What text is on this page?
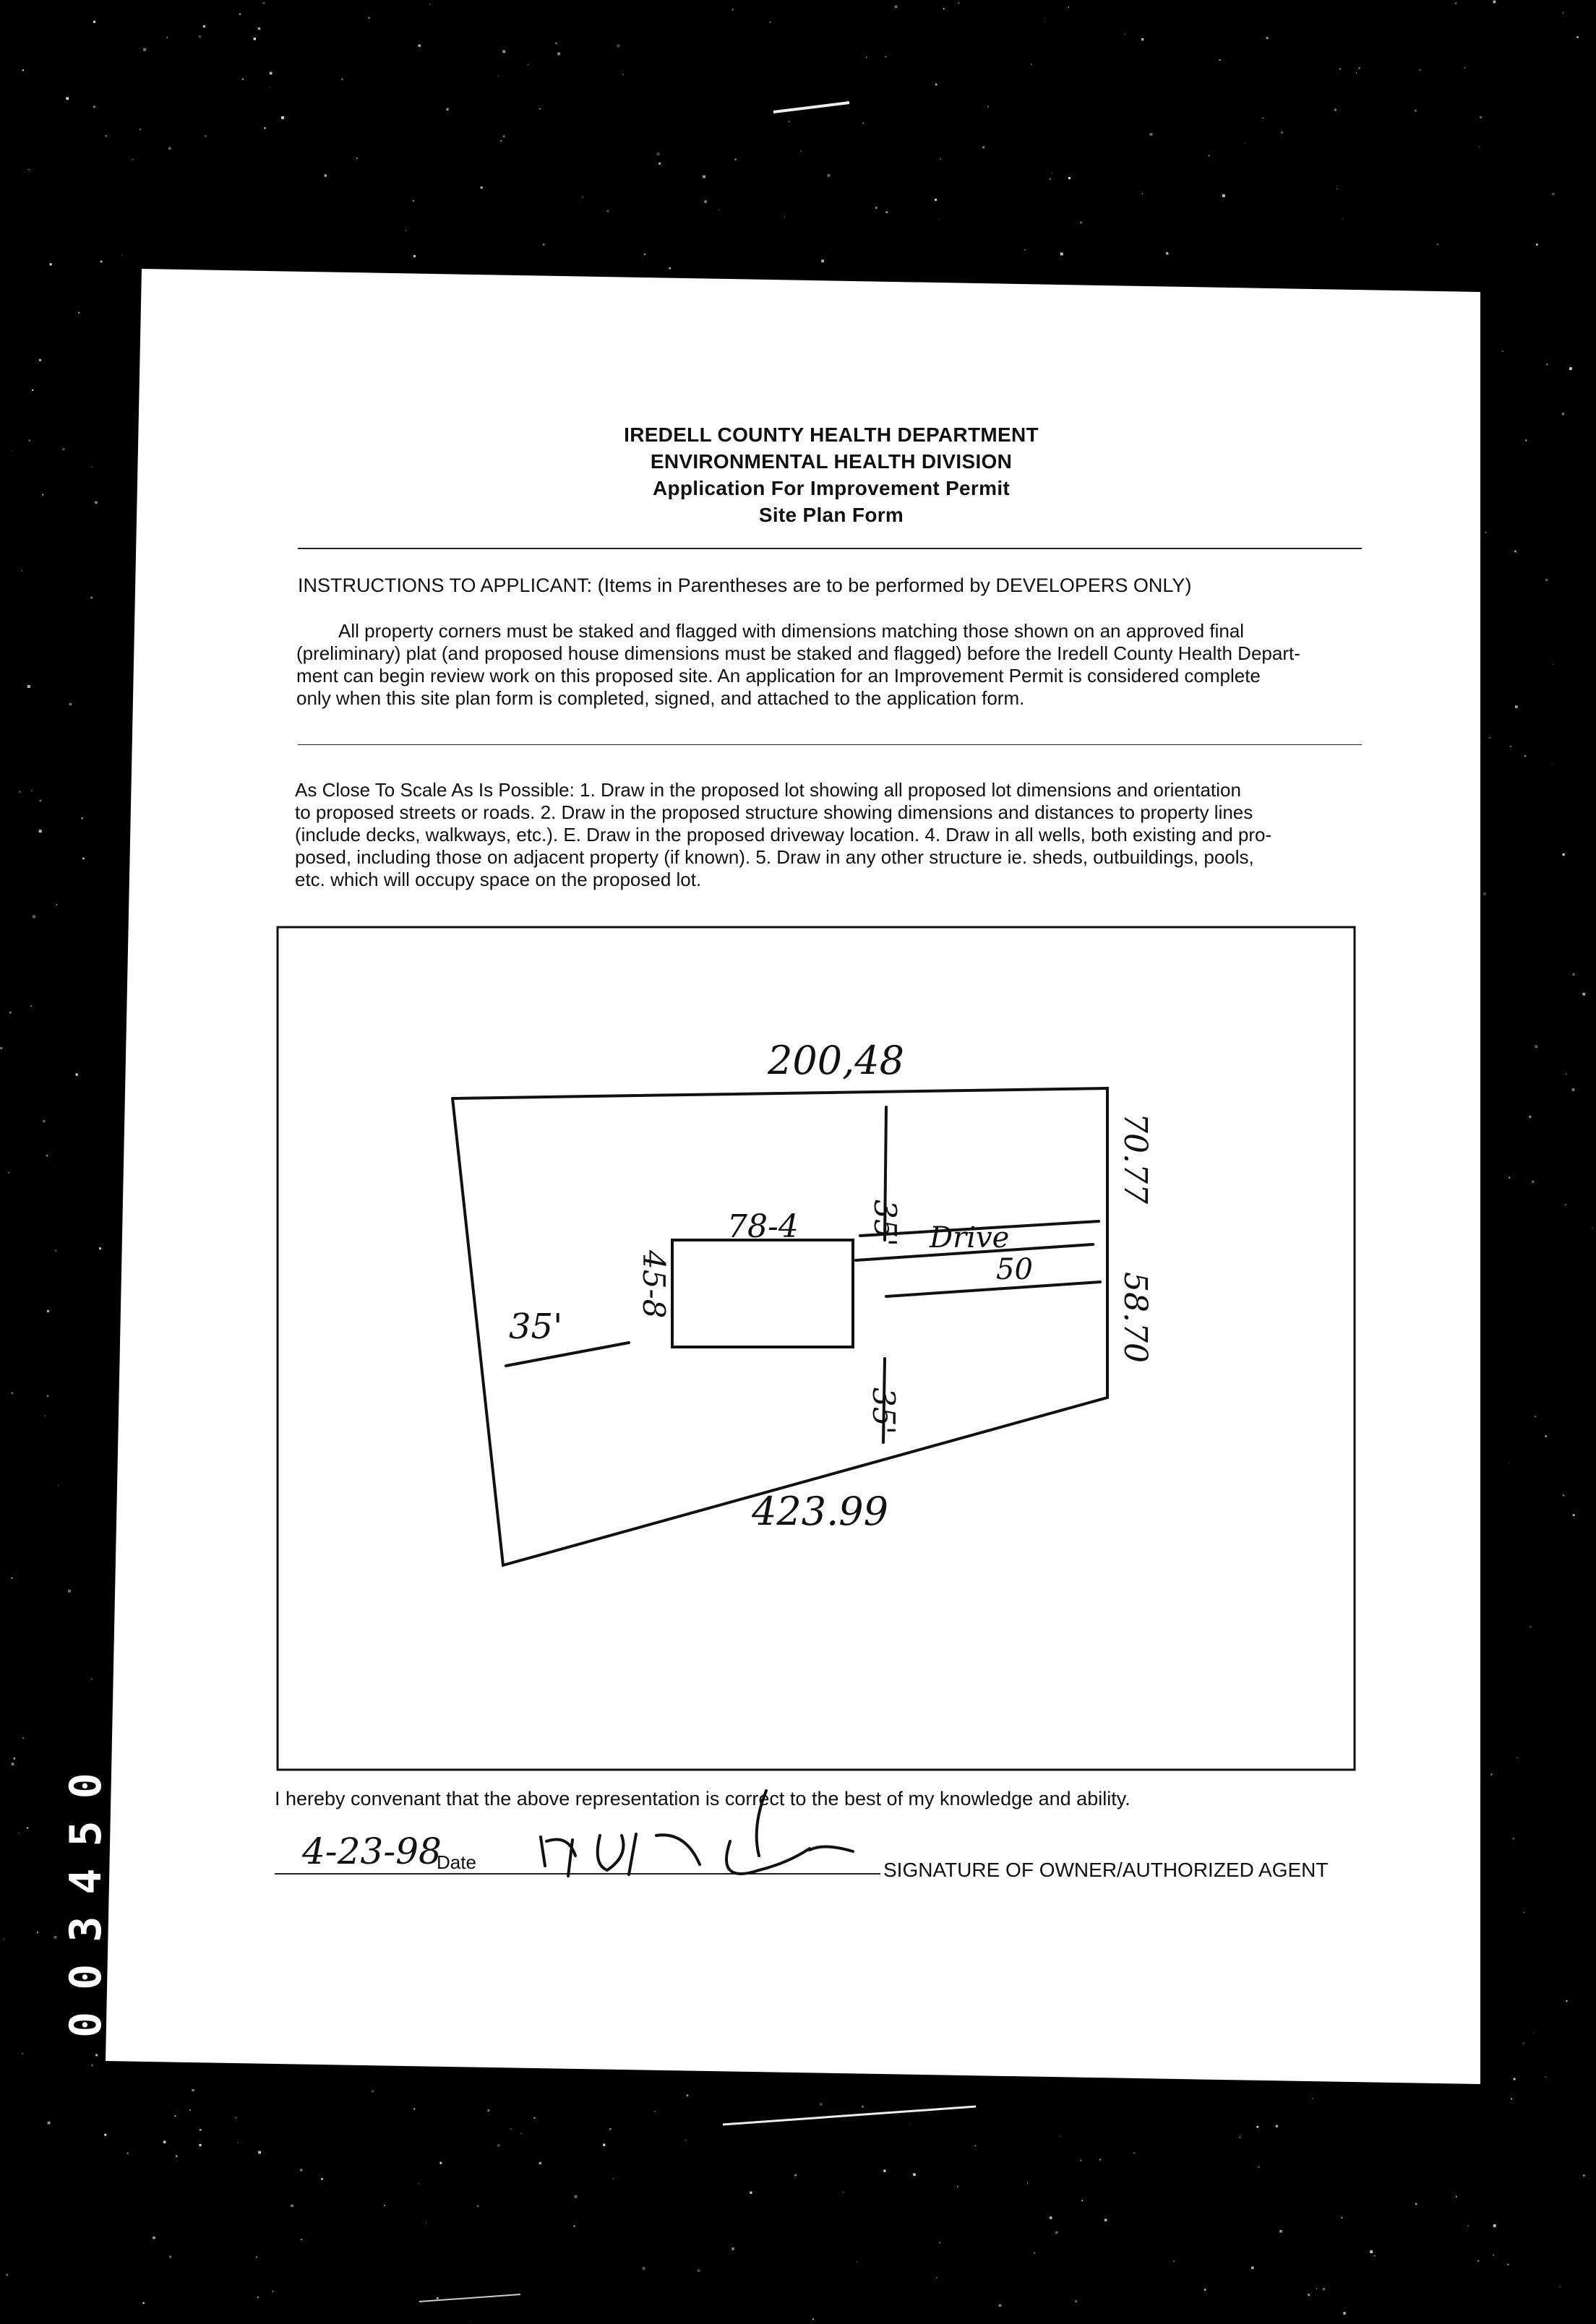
IREDELL COUNTY HEALTH DEPARTMENT
ENVIRONMENTAL HEALTH DIVISION
Application For Improvement Permit
Site Plan Form
INSTRUCTIONS TO APPLICANT: (Items in Parentheses are to be performed by DEVELOPERS ONLY)
All property corners must be staked and flagged with dimensions matching those shown on an approved final
(preliminary) plat (and proposed house dimensions must be staked and flagged) before the Iredell County Health Depart-
ment can begin review work on this proposed site. An application for an Improvement Permit is considered complete
only when this site plan form is completed, signed, and attached to the application form.
As Close To Scale As Is Possible: 1. Draw in the proposed lot showing all proposed lot dimensions and orientation
to proposed streets or roads. 2. Draw in the proposed structure showing dimensions and distances to property lines
(include decks, walkways, etc.). E. Draw in the proposed driveway location. 4. Draw in all wells, both existing and pro-
posed, including those on adjacent property (if known). 5. Draw in any other structure ie. sheds, outbuildings, pools,
etc. which will occupy space on the proposed lot.
200,48
423.99
78-4
35'
Drive
50
35'
35'
45-8
70.77
58.70
I hereby convenant that the above representation is correct to the best of my knowledge and ability.
4-23-98
Date	SIGNATURE OF OWNER/AUTHORIZED AGENT
003450
